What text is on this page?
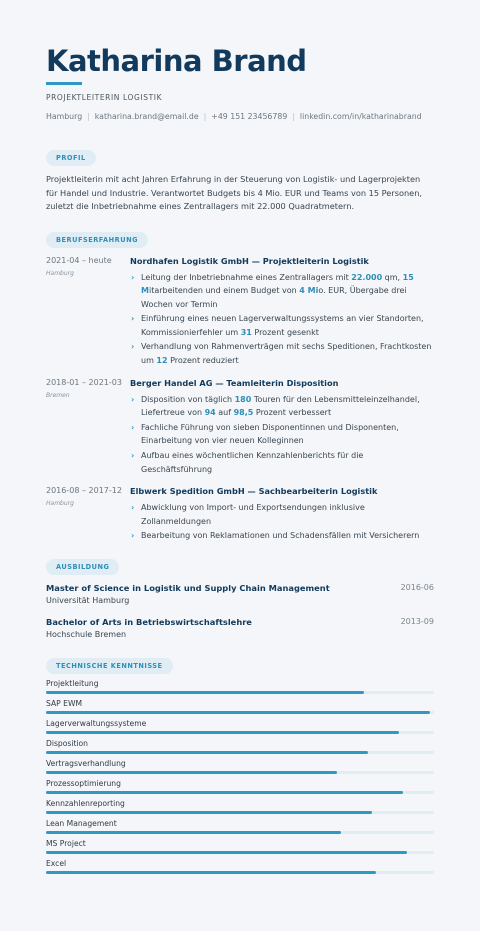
Katharina Brand
PROJEKTLEITERIN LOGISTIK
Hamburg | katharina.brand@email.de | +49 151 23456789 | linkedin.com/in/katharinabrand
PROFIL
Projektleiterin mit acht Jahren Erfahrung in der Steuerung von Logistik- und Lagerprojekten für Handel und Industrie. Verantwortet Budgets bis 4 Mio. EUR und Teams von 15 Personen, zuletzt die Inbetriebnahme eines Zentrallagers mit 22.000 Quadratmetern.
BERUFSERFAHRUNG
2021-04 – heute
Hamburg
Nordhafen Logistik GmbH — Projektleiterin Logistik
› Leitung der Inbetriebnahme eines Zentrallagers mit 22.000 qm, 15 Mitarbeitenden und einem Budget von 4 Mio. EUR, Übergabe drei Wochen vor Termin
› Einführung eines neuen Lagerverwaltungssystems an vier Standorten, Kommissionierfehler um 31 Prozent gesenkt
› Verhandlung von Rahmenverträgen mit sechs Speditionen, Frachtkosten um 12 Prozent reduziert
2018-01 – 2021-03
Bremen
Berger Handel AG — Teamleiterin Disposition
› Disposition von täglich 180 Touren für den Lebensmitteleinzelhandel, Liefertreue von 94 auf 98,5 Prozent verbessert
› Fachliche Führung von sieben Disponentinnen und Disponenten, Einarbeitung von vier neuen Kolleginnen
› Aufbau eines wöchentlichen Kennzahlenberichts für die Geschäftsführung
2016-08 – 2017-12
Hamburg
Elbwerk Spedition GmbH — Sachbearbeiterin Logistik
› Abwicklung von Import- und Exportsendungen inklusive Zollanmeldungen
› Bearbeitung von Reklamationen und Schadensfällen mit Versicherern
AUSBILDUNG
Master of Science in Logistik und Supply Chain Management	2016-06
Universität Hamburg
Bachelor of Arts in Betriebswirtschaftslehre	2013-09
Hochschule Bremen
TECHNISCHE KENNTNISSE
Projektleitung
SAP EWM
Lagerverwaltungssysteme
Disposition
Vertragsverhandlung
Prozessoptimierung
Kennzahlenreporting
Lean Management
MS Project
Excel
